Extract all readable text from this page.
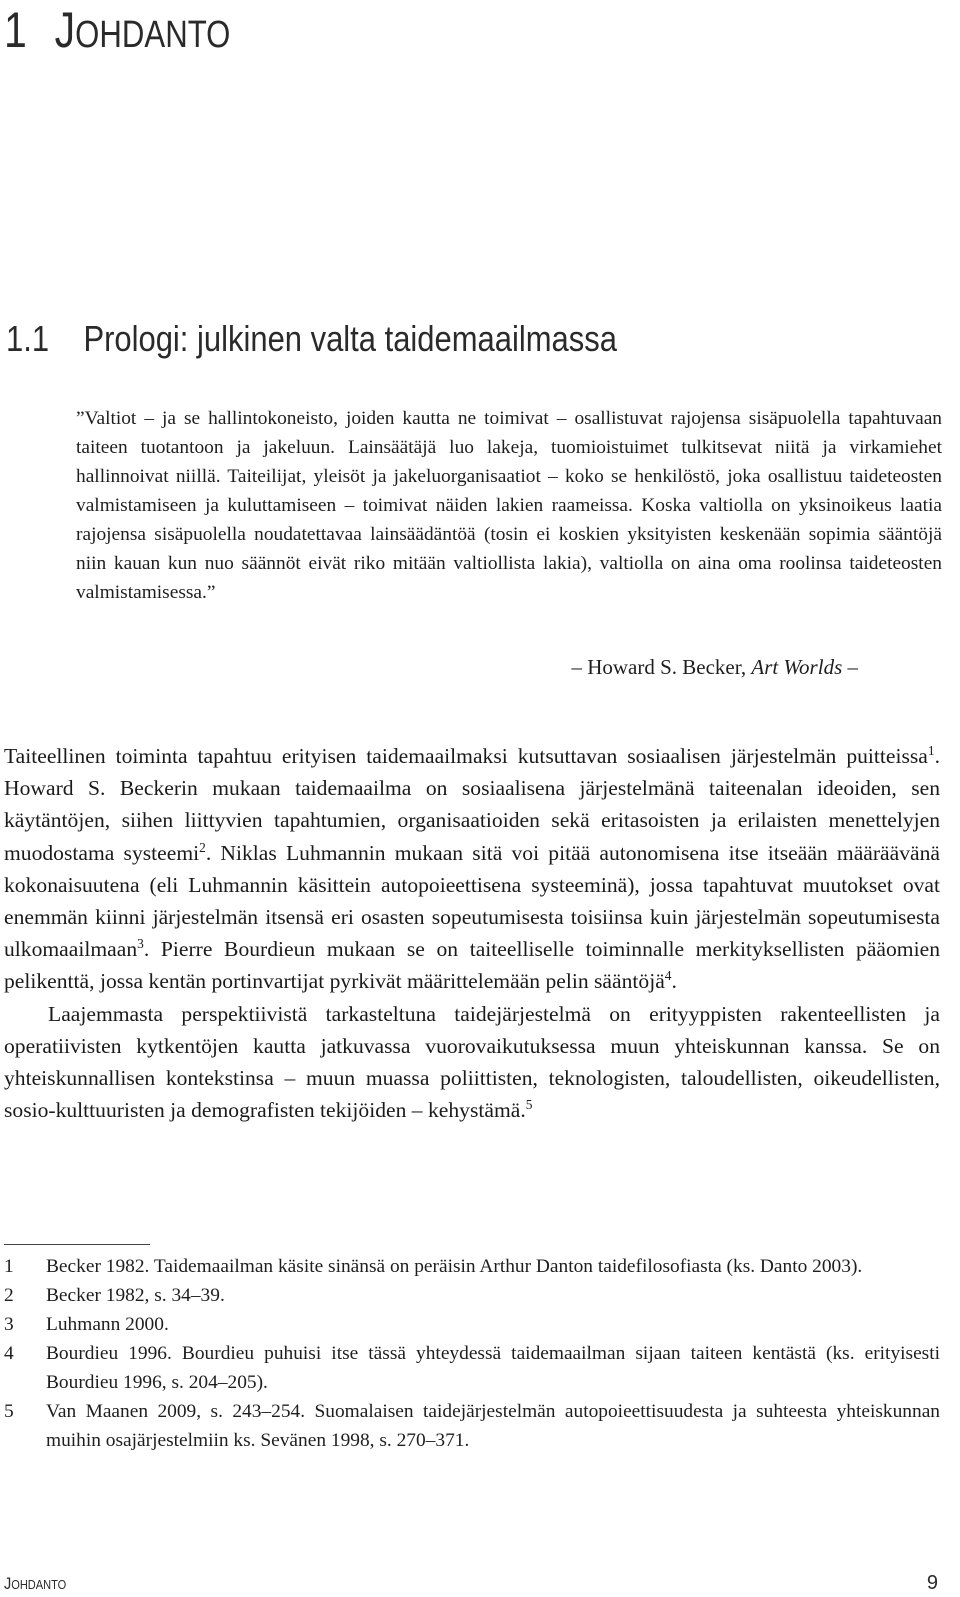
1 JOHDANTO
1.1 Prologi: julkinen valta taidemaailmassa

”Valtiot – ja se hallintokoneisto, joiden kautta ne toimivat – osallistuvat rajojensa sisäpuolella tapahtuvaan taiteen tuotantoon ja jakeluun. Lainsäätäjä luo lakeja, tuomioistuimet tulkitsevat niitä ja virkamiehet hallinnoivat niillä. Taiteilijat, yleisöt ja jakeluorganisaatiot – koko se henkilöstö, joka osallistuu taideteosten valmistamiseen ja kuluttamiseen – toimivat näiden lakien raameissa. Koska valtiolla on yksinoikeus laatia rajojensa sisäpuolella noudatettavaa lainsäädäntöä (tosin ei koskien yksityisten keskenään sopimia sääntöjä niin kauan kun nuo säännöt eivät riko mitään valtiollista lakia), valtiolla on aina oma roolinsa taideteosten valmistamisessa.”

– Howard S. Becker, Art Worlds –

Taiteellinen toiminta tapahtuu erityisen taidemaailmaksi kutsuttavan sosiaalisen järjestelmän puitteissa$^1$. Howard S. Beckerin mukaan taidemaailma on sosiaalisena järjestelmänä taiteenalan ideoiden, sen käytäntöjen, siihen liittyvien tapahtumien, organisaatioiden sekä eritasoisten ja erilaisten menettelyjen muodostama systeemi$^2$. Niklas Luhmannin mukaan sitä voi pitää autonomisena itse itseään määräävänä kokonaisuutena (eli Luhmannin käsittein autopoieettisena systeeminä), jossa tapahtuvat muutokset ovat enemmän kiinni järjestelmän itsensä eri osasten sopeutumisesta toisiinsa kuin järjestelmän sopeutumisesta ulkomaailmaan$^3$. Pierre Bourdieun mukaan se on taiteelliselle toiminnalle merkityksellisten pääomien pelikenttä, jossa kentän portinvartijat pyrkivät määrittelemään pelin sääntöjä$^4$.

Laajemmasta perspektiivistä tarkasteltuna taidejärjestelmä on erityyppisten rakenteellisten ja operatiivisten kytkentöjen kautta jatkuvassa vuorovaikutuksessa muun yhteiskunnan kanssa. Se on yhteiskunnallisen kontekstinsa – muun muassa poliittisten, teknologisten, taloudellisten, oikeudellisten, sosio-kulttuuristen ja demografisten tekijöiden – kehystämä.$^5$

1 Becker 1982. Taidemaailman käsite sinänsä on peräisin Arthur Danton taidefilosofiasta (ks. Danto 2003).
2 Becker 1982, s. 34–39.
3 Luhmann 2000.
4 Bourdieu 1996. Bourdieu puhuisi itse tässä yhteydessä taidemaailman sijaan taiteen kentästä (ks. erityisesti Bourdieu 1996, s. 204–205).
5 Van Maanen 2009, s. 243–254. Suomalaisen taidejärjestelmän autopoieettisuudesta ja suhteesta yhteiskunnan muihin osajärjestelmiin ks. Sevänen 1998, s. 270–371.
JOHDANTO	9
